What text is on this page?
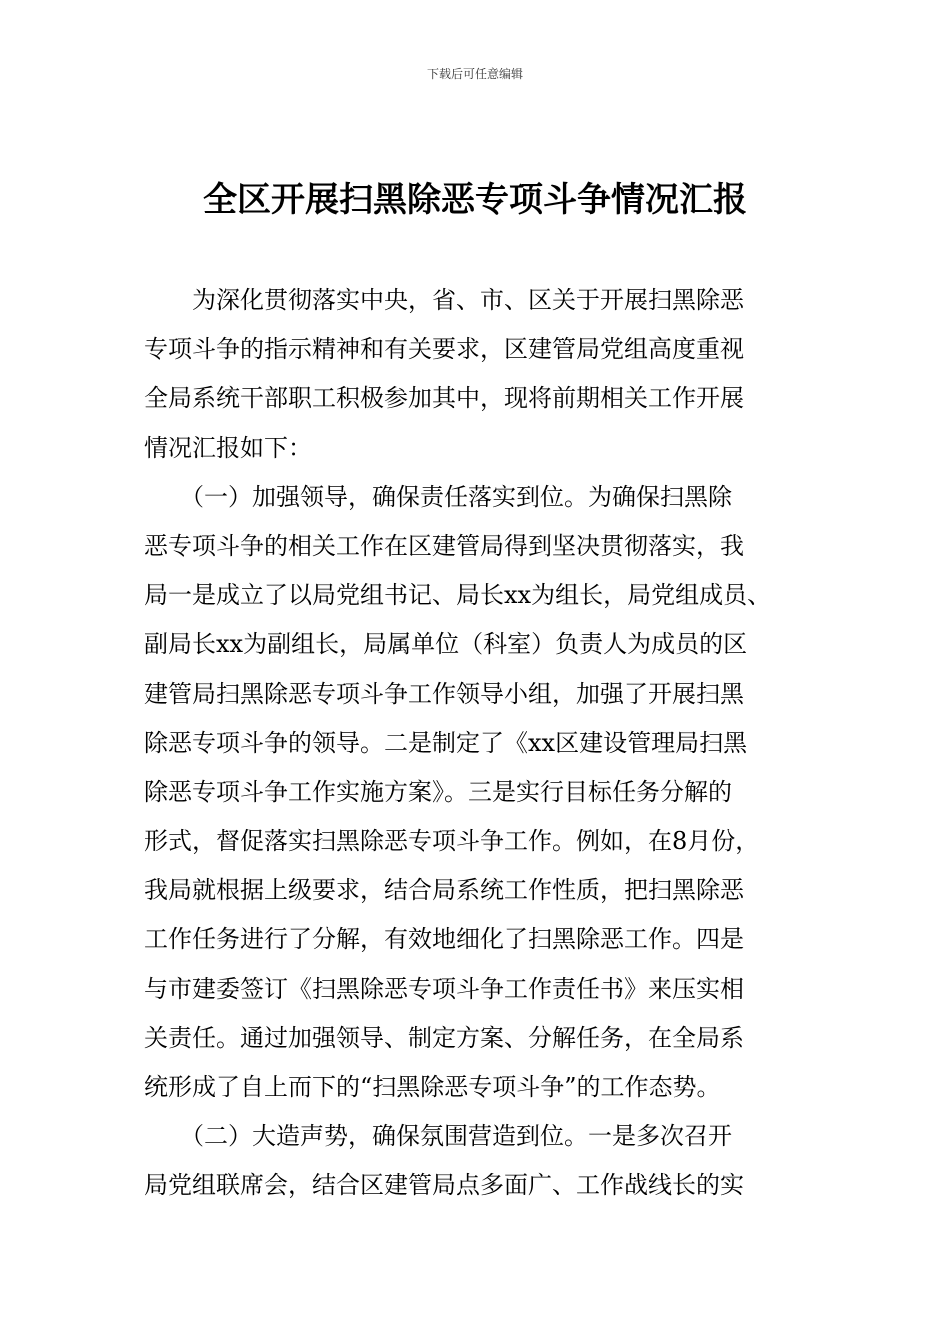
下载后可任意编辑
全区开展扫黑除恶专项斗争情况汇报
　　为深化贯彻落实中央，省、市、区关于开展扫黑除恶
专项斗争的指示精神和有关要求，区建管局党组高度重视
全局系统干部职工积极参加其中，现将前期相关工作开展
情况汇报如下：
　　（一）加强领导，确保责任落实到位。为确保扫黑除
恶专项斗争的相关工作在区建管局得到坚决贯彻落实，我
局一是成立了以局党组书记、局长xx为组长，局党组成员、
副局长xx为副组长，局属单位（科室）负责人为成员的区
建管局扫黑除恶专项斗争工作领导小组，加强了开展扫黑
除恶专项斗争的领导。二是制定了《xx区建设管理局扫黑
除恶专项斗争工作实施方案》。三是实行目标任务分解的
形式，督促落实扫黑除恶专项斗争工作。例如，在8月份，
我局就根据上级要求，结合局系统工作性质，把扫黑除恶
工作任务进行了分解，有效地细化了扫黑除恶工作。四是
与市建委签订《扫黑除恶专项斗争工作责任书》来压实相
关责任。通过加强领导、制定方案、分解任务，在全局系
统形成了自上而下的“扫黑除恶专项斗争”的工作态势。
　　（二）大造声势，确保氛围营造到位。一是多次召开
局党组联席会，结合区建管局点多面广、工作战线长的实
